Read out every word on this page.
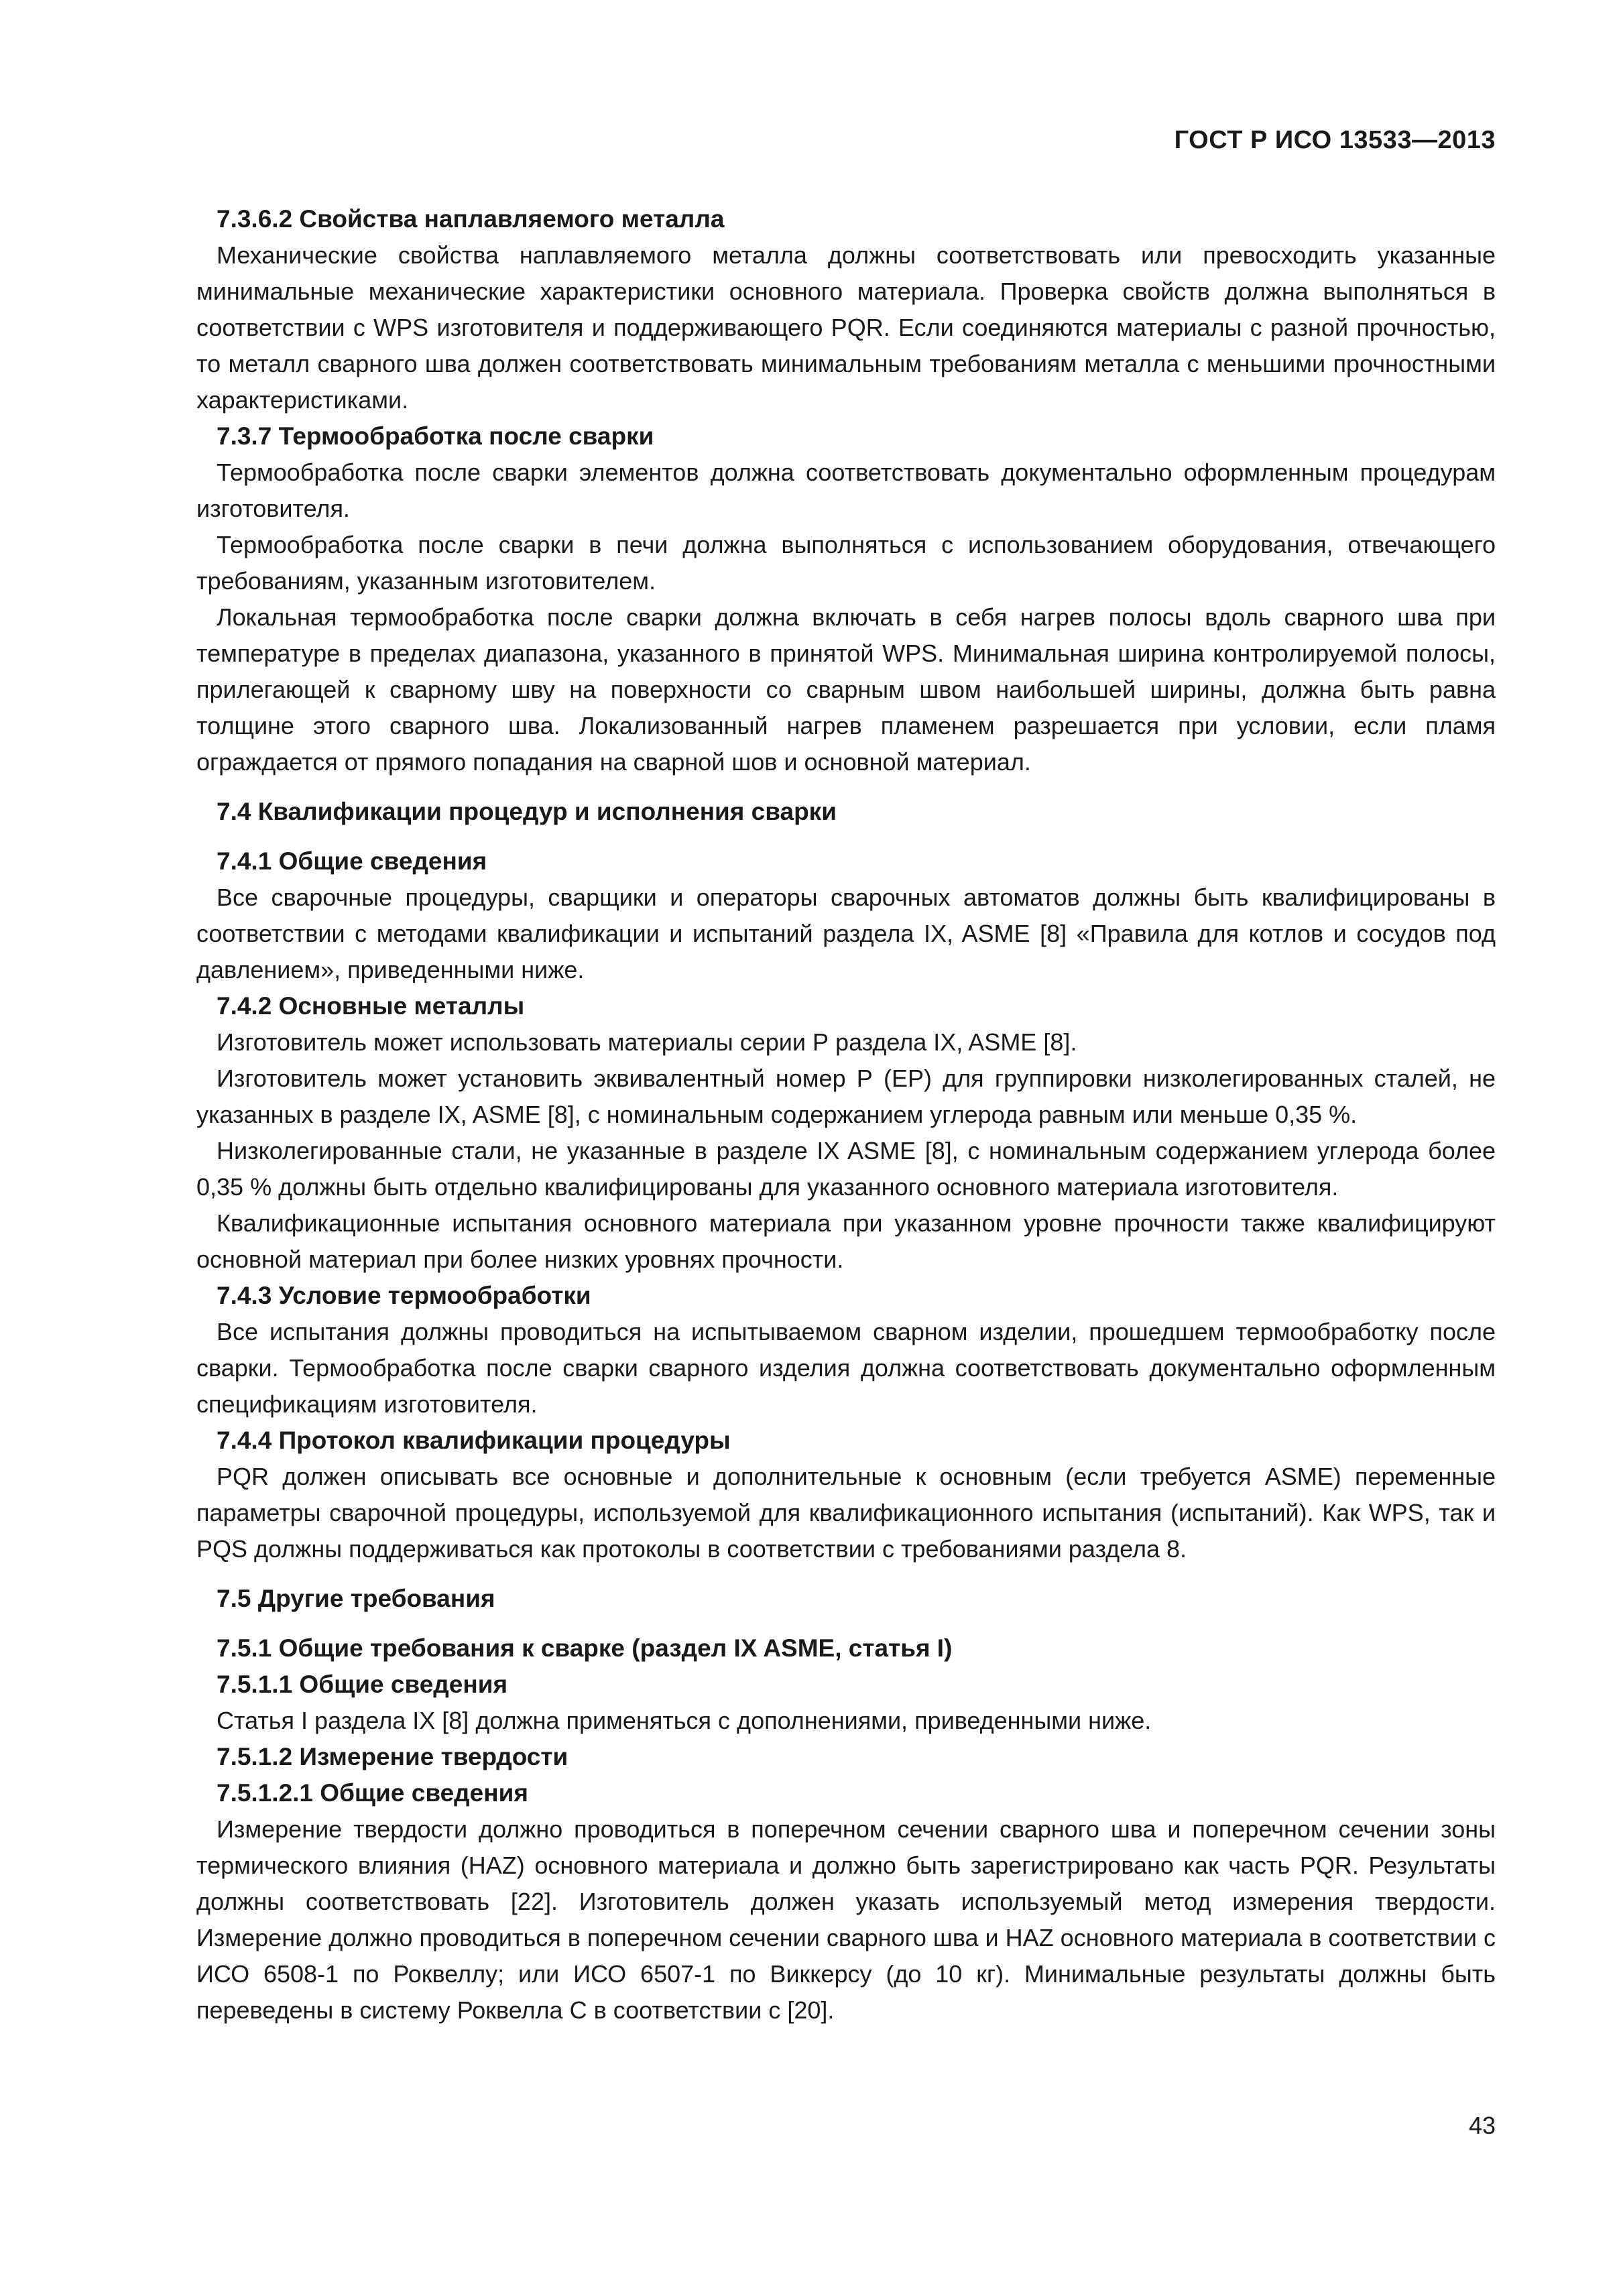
ГОСТ Р ИСО 13533—2013
7.3.6.2 Свойства наплавляемого металла
Механические свойства наплавляемого металла должны соответствовать или превосходить указанные минимальные механические характеристики основного материала. Проверка свойств должна выполняться в соответствии с WPS изготовителя и поддерживающего PQR. Если соединяются материалы с разной прочностью, то металл сварного шва должен соответствовать минимальным требованиям металла с меньшими прочностными характеристиками.
7.3.7 Термообработка после сварки
Термообработка после сварки элементов должна соответствовать документально оформленным процедурам изготовителя.
Термообработка после сварки в печи должна выполняться с использованием оборудования, отвечающего требованиям, указанным изготовителем.
Локальная термообработка после сварки должна включать в себя нагрев полосы вдоль сварного шва при температуре в пределах диапазона, указанного в принятой WPS. Минимальная ширина контролируемой полосы, прилегающей к сварному шву на поверхности со сварным швом наибольшей ширины, должна быть равна толщине этого сварного шва. Локализованный нагрев пламенем разрешается при условии, если пламя ограждается от прямого попадания на сварной шов и основной материал.
7.4 Квалификации процедур и исполнения сварки
7.4.1 Общие сведения
Все сварочные процедуры, сварщики и операторы сварочных автоматов должны быть квалифицированы в соответствии с методами квалификации и испытаний раздела IX, ASME [8] «Правила для котлов и сосудов под давлением», приведенными ниже.
7.4.2 Основные металлы
Изготовитель может использовать материалы серии Р раздела IX, ASME [8].
Изготовитель может установить эквивалентный номер Р (ЕР) для группировки низколегированных сталей, не указанных в разделе IX, ASME [8], с номинальным содержанием углерода равным или меньше 0,35 %.
Низколегированные стали, не указанные в разделе IX ASME [8], с номинальным содержанием углерода более 0,35 % должны быть отдельно квалифицированы для указанного основного материала изготовителя.
Квалификационные испытания основного материала при указанном уровне прочности также квалифицируют основной материал при более низких уровнях прочности.
7.4.3 Условие термообработки
Все испытания должны проводиться на испытываемом сварном изделии, прошедшем термообработку после сварки. Термообработка после сварки сварного изделия должна соответствовать документально оформленным спецификациям изготовителя.
7.4.4 Протокол квалификации процедуры
PQR должен описывать все основные и дополнительные к основным (если требуется ASME) переменные параметры сварочной процедуры, используемой для квалификационного испытания (испытаний). Как WPS, так и PQS должны поддерживаться как протоколы в соответствии с требованиями раздела 8.
7.5 Другие требования
7.5.1 Общие требования к сварке (раздел IX ASME, статья I)
7.5.1.1 Общие сведения
Статья I раздела IX [8] должна применяться с дополнениями, приведенными ниже.
7.5.1.2 Измерение твердости
7.5.1.2.1 Общие сведения
Измерение твердости должно проводиться в поперечном сечении сварного шва и поперечном сечении зоны термического влияния (HAZ) основного материала и должно быть зарегистрировано как часть PQR. Результаты должны соответствовать [22]. Изготовитель должен указать используемый метод измерения твердости. Измерение должно проводиться в поперечном сечении сварного шва и HAZ основного материала в соответствии с ИСО 6508-1 по Роквеллу; или ИСО 6507-1 по Виккерсу (до 10 кг). Минимальные результаты должны быть переведены в систему Роквелла С в соответствии с [20].
43
